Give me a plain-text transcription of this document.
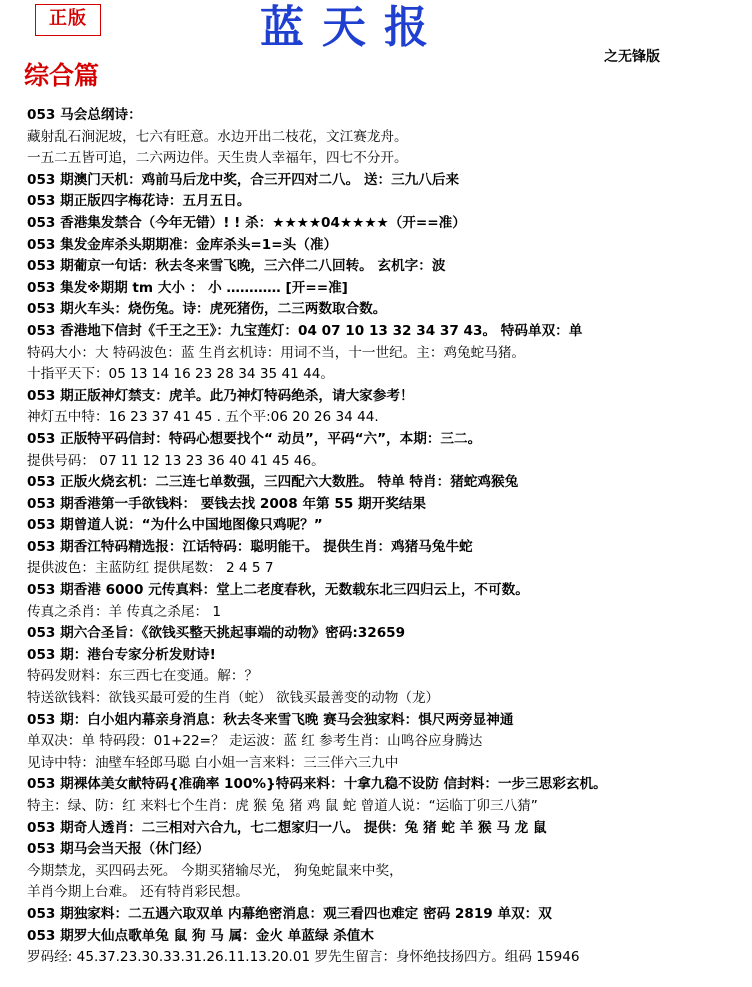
正版	蓝天报
之无锋版
综合篇
053 马会总纲诗：
藏射乱石涧泥坡，七六有旺意。水边开出二枝花，文江赛龙舟。
一五二五皆可追，二六两边伴。天生贵人幸福年，四七不分开。
053 期澳门天机：鸡前马后龙中奖，合三开四对二八。 送：三九八后来
053 期正版四字梅花诗：五月五日。
053 香港集发禁合（今年无错）! ! 杀：★★★★04★★★★（开==准）
053 集发金库杀头期期准：金库杀头=1=头（准）
053 期葡京一句话：秋去冬来雪飞晚，三六伴二八回转。 玄机字：波
053 集发※期期 tm 大小 ： 小 ………… [开==准]
053 期火车头：烧伤兔。诗：虎死猪伤，二三两数取合数。
053 香港地下信封《千王之王》：九宝莲灯：04 07 10 13 32 34 37 43。 特码单双：单
特码大小：大 特码波色：蓝 生肖玄机诗：用词不当，十一世纪。主：鸡兔蛇马猪。
十指平天下：05 13 14 16 23 28 34 35 41 44。
053 期正版神灯禁支：虎羊。此乃神灯特码绝杀，请大家参考！
神灯五中特：16 23 37 41 45 . 五个平:06 20 26 34 44.
053 正版特平码信封：特码心想要找个“ 动员”，平码“六”，本期：三二。
提供号码： 07 11 12 13 23 36 40 41 45 46。
053 正版火烧玄机：二三连七单数强，三四配六大数胜。 特单 特肖：猪蛇鸡猴兔
053 期香港第一手欲钱料： 要钱去找 2008 年第 55 期开奖结果
053 期曾道人说：“为什么中国地图像只鸡呢？”
053 期香江特码精选报：江话特码：聪明能干。 提供生肖：鸡猪马兔牛蛇
提供波色：主蓝防红 提供尾数： 2 4 5 7
053 期香港 6000 元传真料：堂上二老度春秋，无数载东北三四归云上，不可数。
传真之杀肖：羊 传真之杀尾： 1
053 期六合圣旨：《欲钱买整天挑起事端的动物》密码:32659
053 期：港台专家分析发财诗!
特码发财料：东三西七在变通。解：？
特送欲钱料：欲钱买最可爱的生肖（蛇） 欲钱买最善变的动物（龙）
053 期：白小姐内幕亲身消息：秋去冬来雪飞晚 赛马会独家料：惧尺两旁显神通
单双决：单 特码段：01+22=？ 走运波：蓝 红 参考生肖：山鸣谷应身腾达
见诗中特：油壁车轻郎马聪 白小姐一言来料：三三伴六三九中
053 期裸体美女献特码{准确率 100%}特码来料：十拿九稳不设防 信封料：一步三思彩玄机。
特主：绿、防：红 来料七个生肖：虎 猴 兔 猪 鸡 鼠 蛇 曾道人说：“运临丁卯三八猜”
053 期奇人透肖：二三相对六合九，七二想家归一八。 提供：兔 猪 蛇 羊 猴 马 龙 鼠
053 期马会当天报（休门经）
今期禁龙，买四码去死。 今期买猪输尽光， 狗兔蛇鼠来中奖，
羊肖今期上台难。 还有特肖彩民想。
053 期独家料：二五遇六取双单 内幕绝密消息：观三看四也难定 密码 2819 单双：双
053 期罗大仙点歌单兔 鼠 狗 马 属：金火 单蓝绿 杀值木
罗码经: 45.37.23.30.33.31.26.11.13.20.01 罗先生留言：身怀绝技扬四方。组码 15946
